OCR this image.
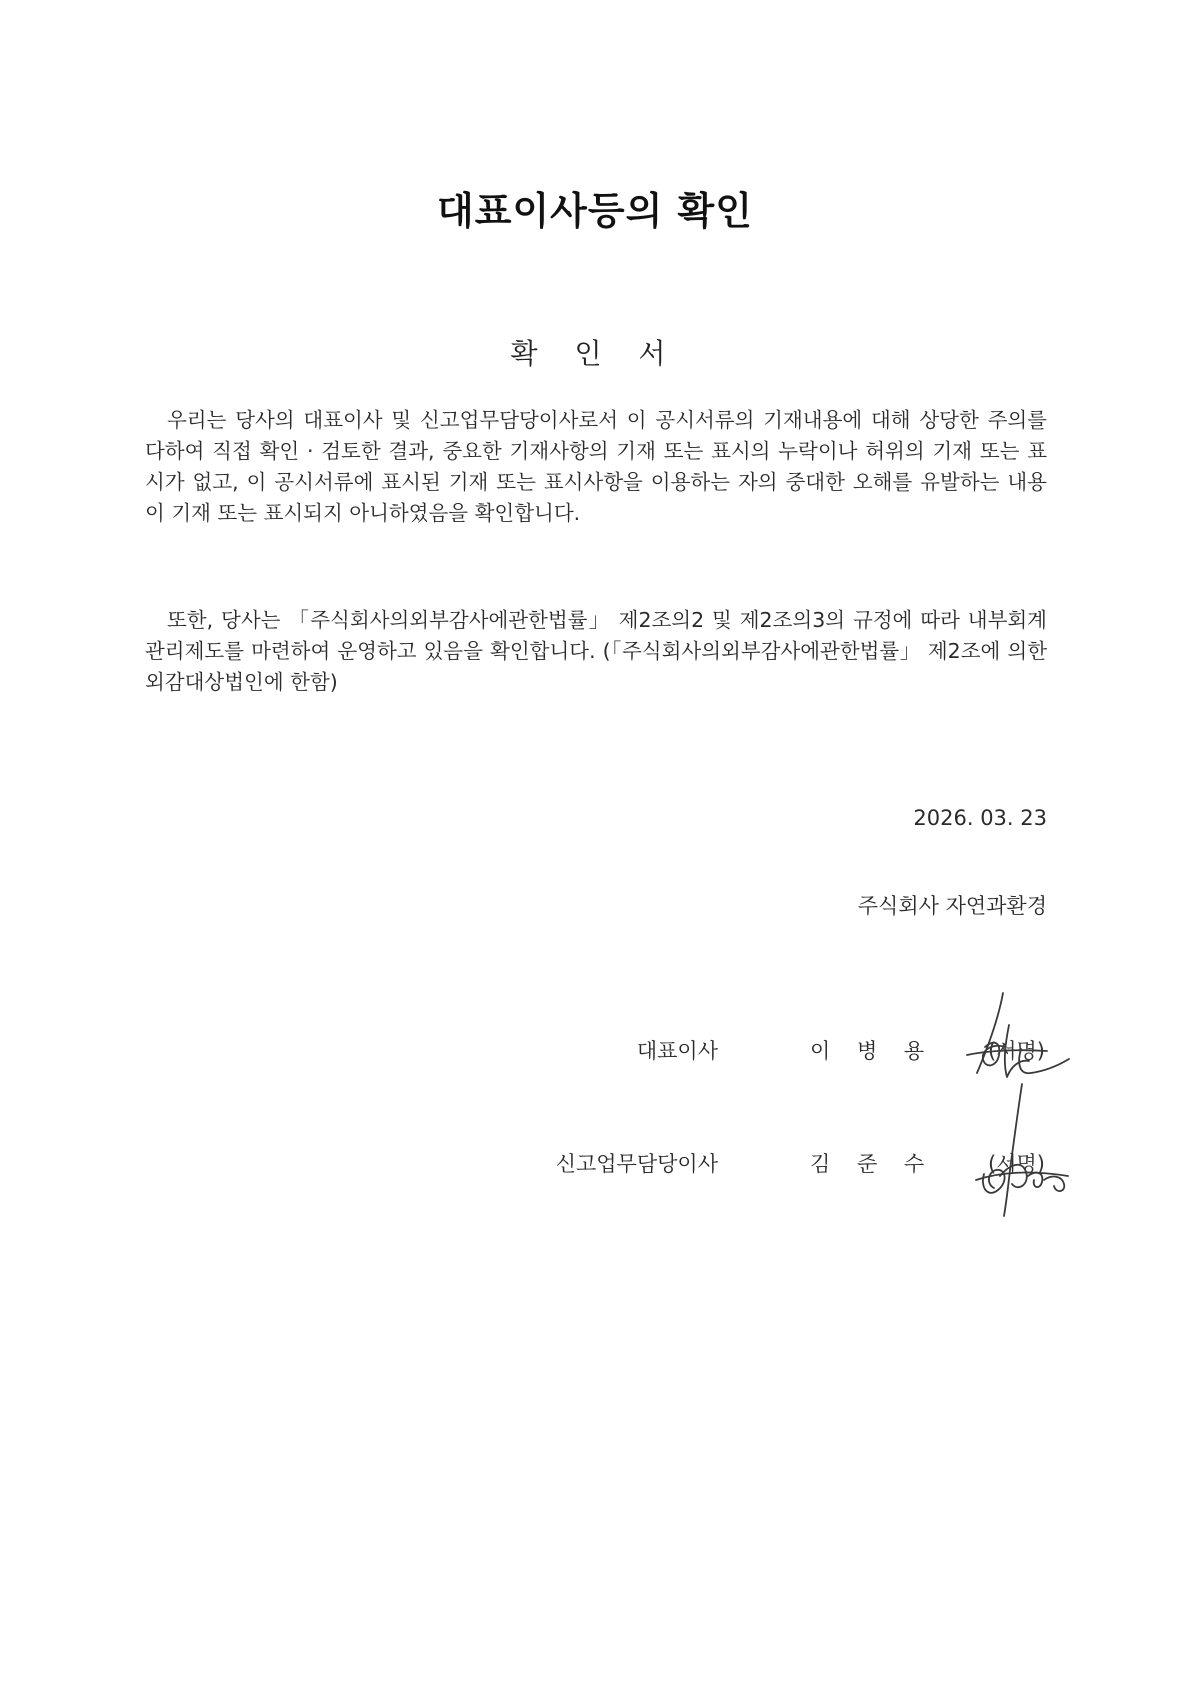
대표이사등의 확인
확 인 서

우리는 당사의 대표이사 및 신고업무담당이사로서 이 공시서류의 기재내용에 대해 상당한 주의를 다하여 직접 확인 · 검토한 결과, 중요한 기재사항의 기재 또는 표시의 누락이나 허위의 기재 또는 표시가 없고, 이 공시서류에 표시된 기재 또는 표시사항을 이용하는 자의 중대한 오해를 유발하는 내용이 기재 또는 표시되지 아니하였음을 확인합니다.

또한, 당사는 「주식회사의외부감사에관한법률」 제2조의2 및 제2조의3의 규정에 따라 내부회계관리제도를 마련하여 운영하고 있음을 확인합니다. (「주식회사의외부감사에관한법률」 제2조에 의한 외감대상법인에 한함)

2026. 03. 23
주식회사 자연과환경
대표이사	이 병 용	(서명)
신고업무담당이사	김 준 수	(서명)
